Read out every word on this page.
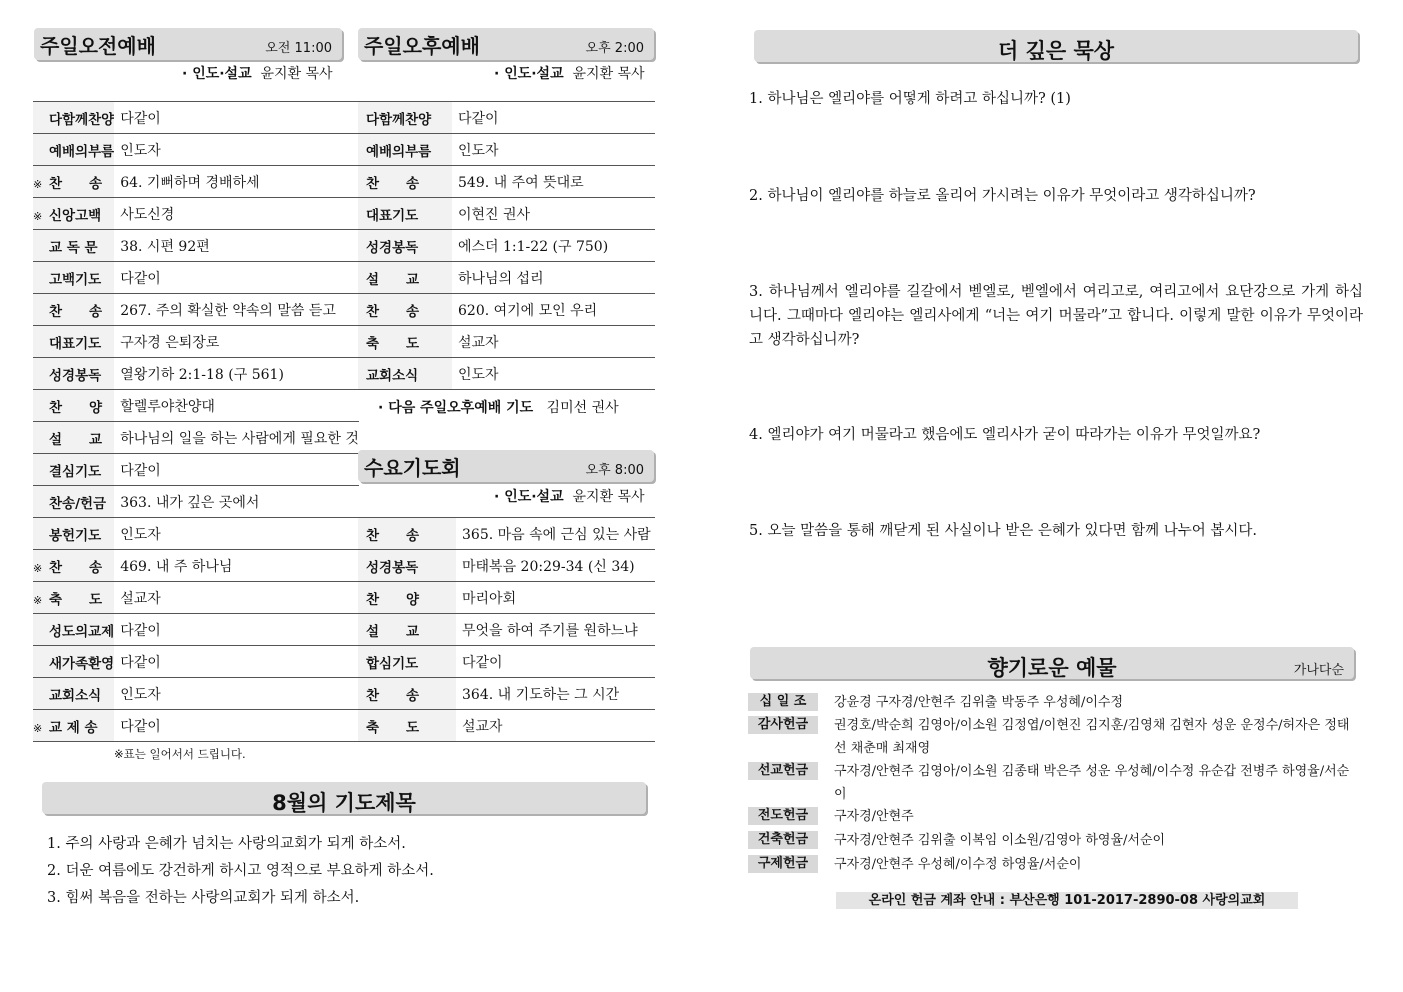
주일오전예배	오전 11:00
· 인도·설교 윤지환 목사
다함께찬양	다같이
예배의부름	인도자
※ 찬　　송	64. 기뻐하며 경배하세
※ 신앙고백	사도신경
교 독 문	38. 시편 92편
고백기도	다같이
찬　　송	267. 주의 확실한 약속의 말씀 듣고
대표기도	구자경 은퇴장로
성경봉독	열왕기하 2:1-18 (구 561)
찬　　양	할렐루야찬양대
설　　교	하나님의 일을 하는 사람에게 필요한 것
결심기도	다같이
찬송/헌금	363. 내가 깊은 곳에서
봉헌기도	인도자
※ 찬　　송	469. 내 주 하나님
※ 축　　도	설교자
성도의교제	다같이
새가족환영	다같이
교회소식	인도자
※ 교 제 송	다같이
※표는 일어서서 드립니다.
주일오후예배	오후 2:00
· 인도·설교 윤지환 목사
다함께찬양	다같이
예배의부름	인도자
찬　　송	549. 내 주여 뜻대로
대표기도	이현진 권사
성경봉독	에스더 1:1-22 (구 750)
설　　교	하나님의 섭리
찬　　송	620. 여기에 모인 우리
축　　도	설교자
교회소식	인도자
· 다음 주일오후예배 기도 김미선 권사
수요기도회	오후 8:00
· 인도·설교 윤지환 목사
찬　　송	365. 마음 속에 근심 있는 사람
성경봉독	마태복음 20:29-34 (신 34)
찬　　양	마리아회
설　　교	무엇을 하여 주기를 원하느냐
합심기도	다같이
찬　　송	364. 내 기도하는 그 시간
축　　도	설교자
8월의 기도제목
1. 주의 사랑과 은혜가 넘치는 사랑의교회가 되게 하소서.
2. 더운 여름에도 강건하게 하시고 영적으로 부요하게 하소서.
3. 힘써 복음을 전하는 사랑의교회가 되게 하소서.
더 깊은 묵상
1. 하나님은 엘리야를 어떻게 하려고 하십니까? (1)
2. 하나님이 엘리야를 하늘로 올리어 가시려는 이유가 무엇이라고 생각하십니까?
3. 하나님께서 엘리야를 길갈에서 벧엘로, 벧엘에서 여리고로, 여리고에서 요단강으로 가게 하십니다. 그때마다 엘리야는 엘리사에게 “너는 여기 머물라”고 합니다. 이렇게 말한 이유가 무엇이라고 생각하십니까?
4. 엘리야가 여기 머물라고 했음에도 엘리사가 굳이 따라가는 이유가 무엇일까요?
5. 오늘 말씀을 통해 깨닫게 된 사실이나 받은 은혜가 있다면 함께 나누어 봅시다.
향기로운 예물	가나다순
십 일 조	강윤경 구자경/안현주 김위출 박동주 우성혜/이수정
감사헌금	권경호/박순희 김영아/이소원 김정엽/이현진 김지훈/김영채 김현자 성운 운정수/허자은 정태선 채춘매 최재영
선교헌금	구자경/안현주 김영아/이소원 김종태 박은주 성운 우성혜/이수정 유순갑 전병주 하영율/서순이
전도헌금	구자경/안현주
건축헌금	구자경/안현주 김위출 이복임 이소원/김영아 하영율/서순이
구제헌금	구자경/안현주 우성혜/이수정 하영율/서순이
온라인 헌금 계좌 안내 : 부산은행 101-2017-2890-08 사랑의교회
